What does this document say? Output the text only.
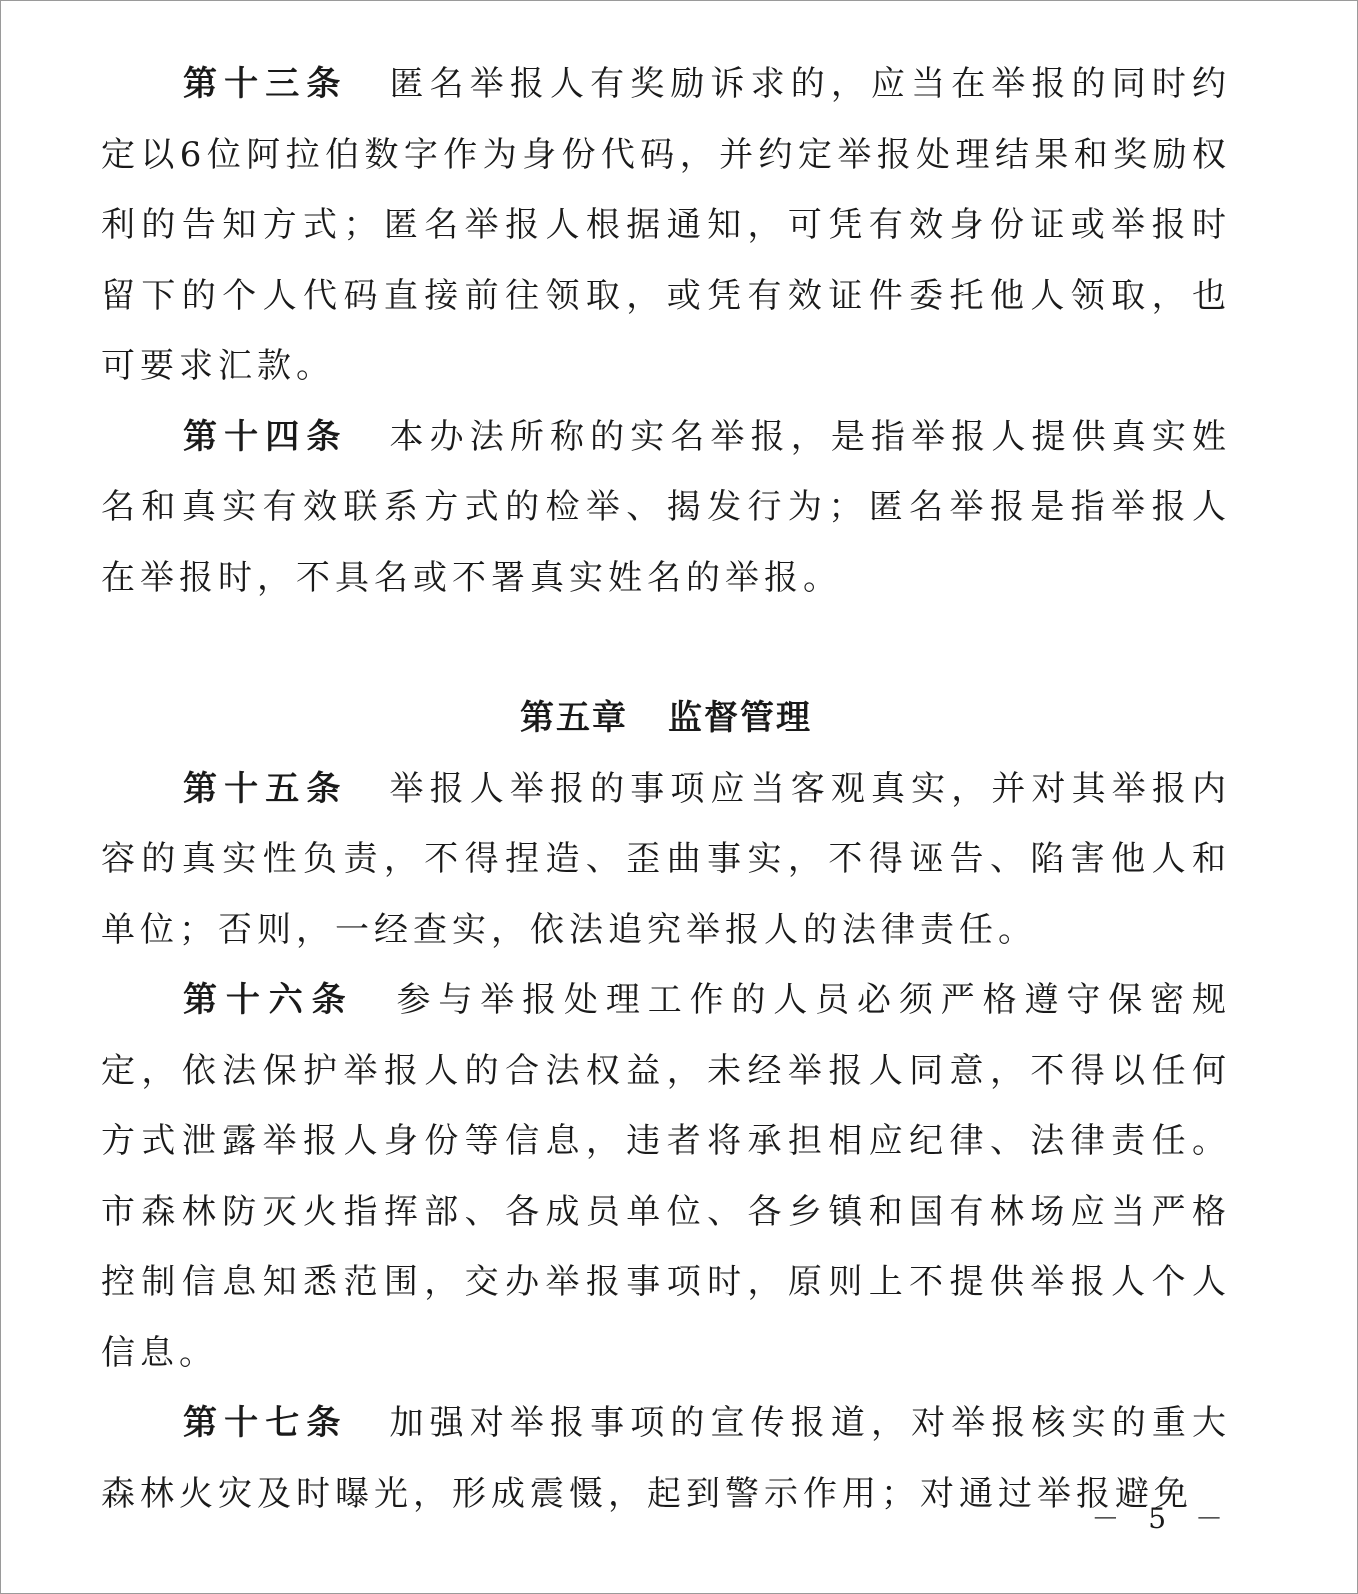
第十三条 匿名举报人有奖励诉求的，应当在举报的同时约定以6位阿拉伯数字作为身份代码，并约定举报处理结果和奖励权利的告知方式；匿名举报人根据通知，可凭有效身份证或举报时留下的个人代码直接前往领取，或凭有效证件委托他人领取，也可要求汇款。

第十四条 本办法所称的实名举报，是指举报人提供真实姓名和真实有效联系方式的检举、揭发行为；匿名举报是指举报人在举报时，不具名或不署真实姓名的举报。

第五章 监督管理

第十五条 举报人举报的事项应当客观真实，并对其举报内容的真实性负责，不得捏造、歪曲事实，不得诬告、陷害他人和单位；否则，一经查实，依法追究举报人的法律责任。

第十六条 参与举报处理工作的人员必须严格遵守保密规定，依法保护举报人的合法权益，未经举报人同意，不得以任何方式泄露举报人身份等信息，违者将承担相应纪律、法律责任。市森林防灭火指挥部、各成员单位、各乡镇和国有林场应当严格控制信息知悉范围，交办举报事项时，原则上不提供举报人个人信息。

第十七条 加强对举报事项的宣传报道，对举报核实的重大森林火灾及时曝光，形成震慑，起到警示作用；对通过举报避免

－ 5 －
